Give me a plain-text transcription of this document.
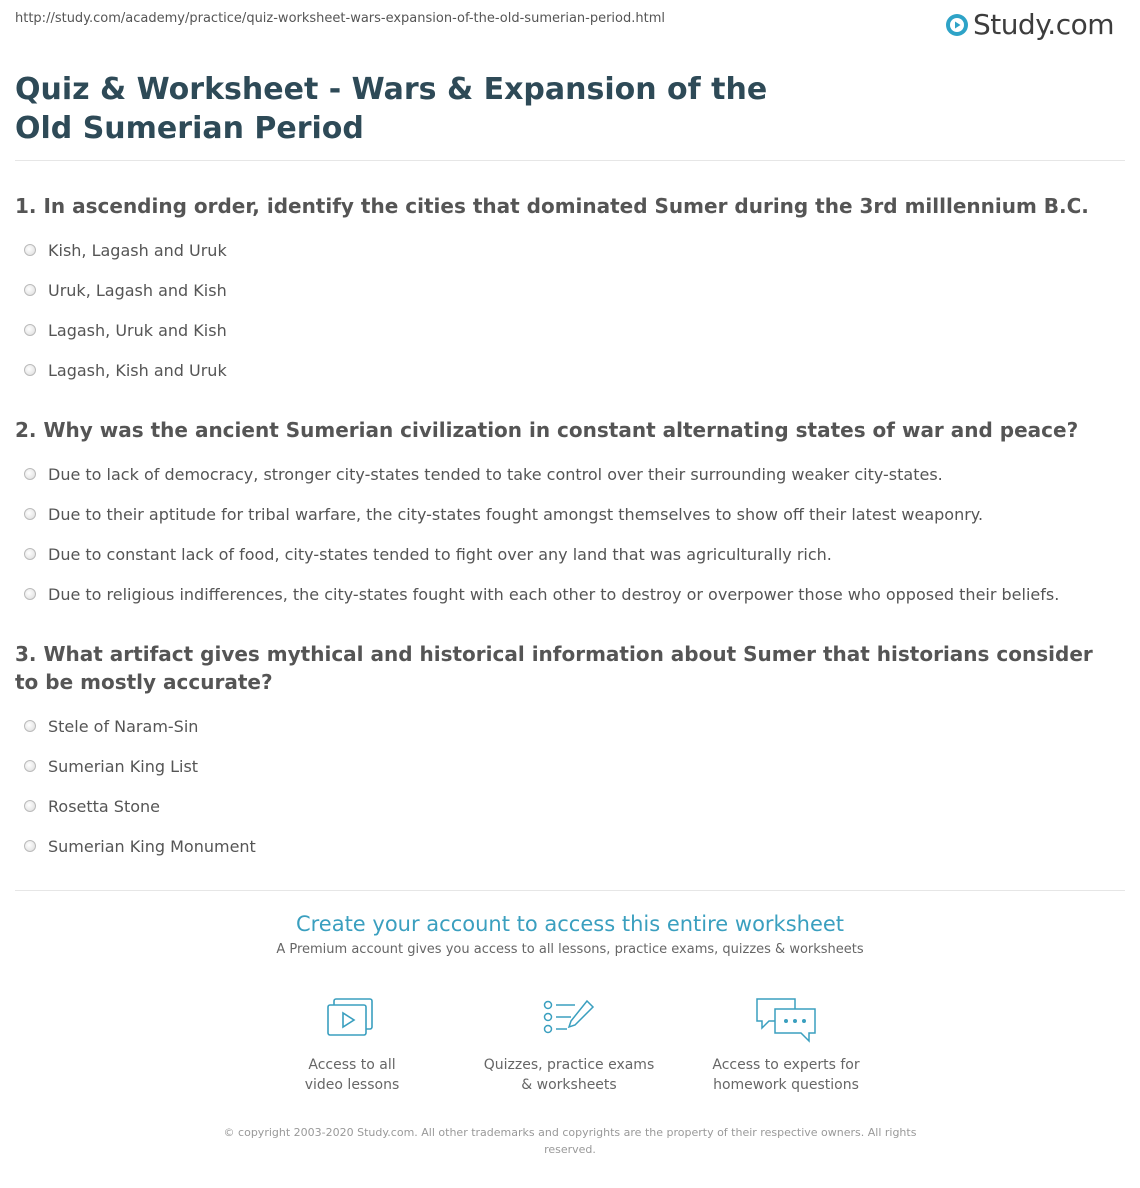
http://study.com/academy/practice/quiz-worksheet-wars-expansion-of-the-old-sumerian-period.html	Study.com
Quiz & Worksheet - Wars & Expansion of the Old Sumerian Period

1. In ascending order, identify the cities that dominated Sumer during the 3rd milllennium B.C.

Kish, Lagash and Uruk
Uruk, Lagash and Kish
Lagash, Uruk and Kish
Lagash, Kish and Uruk

2. Why was the ancient Sumerian civilization in constant alternating states of war and peace?

Due to lack of democracy, stronger city-states tended to take control over their surrounding weaker city-states.
Due to their aptitude for tribal warfare, the city-states fought amongst themselves to show off their latest weaponry.
Due to constant lack of food, city-states tended to fight over any land that was agriculturally rich.
Due to religious indifferences, the city-states fought with each other to destroy or overpower those who opposed their beliefs.

3. What artifact gives mythical and historical information about Sumer that historians consider to be mostly accurate?

Stele of Naram-Sin
Sumerian King List
Rosetta Stone
Sumerian King Monument

Create your account to access this entire worksheet

A Premium account gives you access to all lessons, practice exams, quizzes & worksheets
Access to all
video lessons
Quizzes, practice exams
& worksheets
Access to experts for
homework questions
© copyright 2003-2020 Study.com. All other trademarks and copyrights are the property of their respective owners. All rights reserved.
